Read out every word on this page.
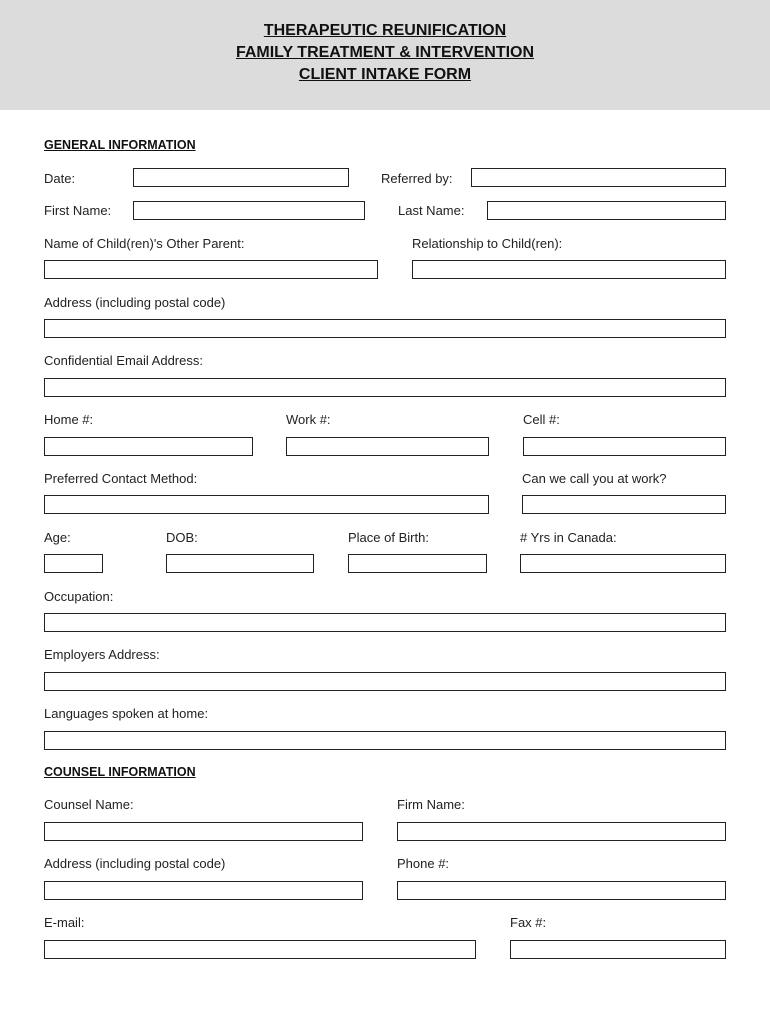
THERAPEUTIC REUNIFICATION
FAMILY TREATMENT & INTERVENTION
CLIENT INTAKE FORM
GENERAL INFORMATION
Date:	Referred by:
First Name:	Last Name:
Name of Child(ren)'s Other Parent:	Relationship to Child(ren):
Address (including postal code)
Confidential Email Address:
Home #:	Work #:	Cell #:
Preferred Contact Method:	Can we call you at work?
Age:	DOB:	Place of Birth:	# Yrs in Canada:
Occupation:
Employers Address:
Languages spoken at home:
COUNSEL INFORMATION
Counsel Name:	Firm Name:
Address (including postal code)	Phone #:
E-mail:	Fax #:
